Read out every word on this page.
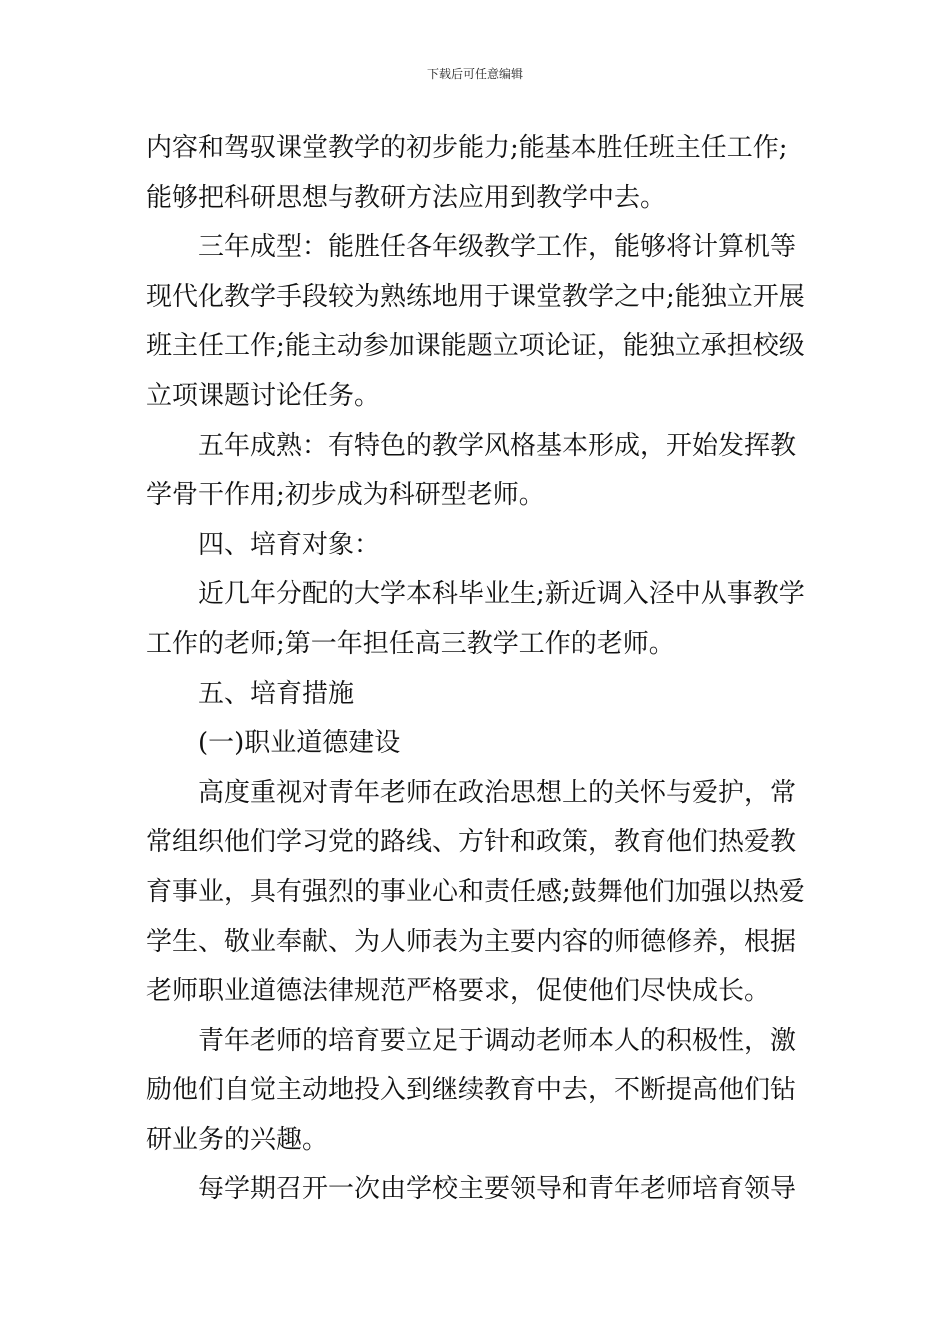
下载后可任意编辑
内容和驾驭课堂教学的初步能力;能基本胜任班主任工作;
能够把科研思想与教研方法应用到教学中去。
三年成型：能胜任各年级教学工作，能够将计算机等
现代化教学手段较为熟练地用于课堂教学之中;能独立开展
班主任工作;能主动参加课能题立项论证，能独立承担校级
立项课题讨论任务。
五年成熟：有特色的教学风格基本形成，开始发挥教
学骨干作用;初步成为科研型老师。
四、培育对象：
近几年分配的大学本科毕业生;新近调入泾中从事教学
工作的老师;第一年担任高三教学工作的老师。
五、培育措施
(一)职业道德建设
高度重视对青年老师在政治思想上的关怀与爱护，常
常组织他们学习党的路线、方针和政策，教育他们热爱教
育事业，具有强烈的事业心和责任感;鼓舞他们加强以热爱
学生、敬业奉献、为人师表为主要内容的师德修养，根据
老师职业道德法律规范严格要求，促使他们尽快成长。
青年老师的培育要立足于调动老师本人的积极性，激
励他们自觉主动地投入到继续教育中去，不断提高他们钻
研业务的兴趣。
每学期召开一次由学校主要领导和青年老师培育领导
